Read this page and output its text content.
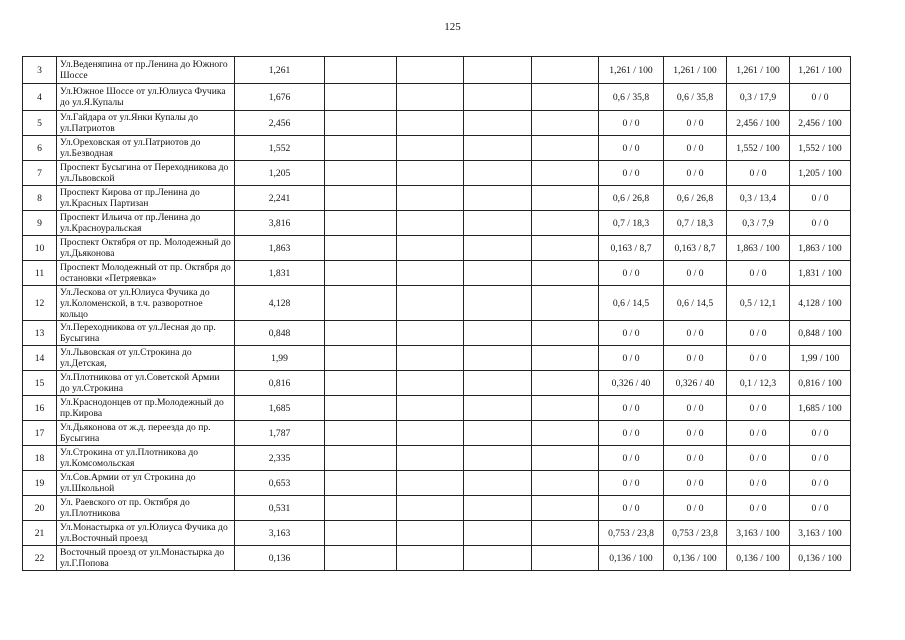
125
3	Ул.Веденяпина от пр.Ленина до Южного Шоссе	1,261					1,261 / 100	1,261 / 100	1,261 / 100	1,261 / 100
4	Ул.Южное Шоссе от ул.Юлиуса Фучика до ул.Я.Купалы	1,676					0,6 / 35,8	0,6 / 35,8	0,3 / 17,9	0 / 0
5	Ул.Гайдара от ул.Янки Купалы до ул.Патриотов	2,456					0 / 0	0 / 0	2,456 / 100	2,456 / 100
6	Ул.Ореховская от ул.Патриотов до ул.Безводная	1,552					0 / 0	0 / 0	1,552 / 100	1,552 / 100
7	Проспект Бусыгина от Переходникова до ул.Львовской	1,205					0 / 0	0 / 0	0 / 0	1,205 / 100
8	Проспект Кирова от пр.Ленина до ул.Красных Партизан	2,241					0,6 / 26,8	0,6 / 26,8	0,3 / 13,4	0 / 0
9	Проспект Ильича от пр.Ленина до ул.Красноуральская	3,816					0,7 / 18,3	0,7 / 18,3	0,3 / 7,9	0 / 0
10	Проспект Октября от пр. Молодежный до ул.Дьяконова	1,863					0,163 / 8,7	0,163 / 8,7	1,863 / 100	1,863 / 100
11	Проспект Молодежный от пр. Октября до остановки «Петряевка»	1,831					0 / 0	0 / 0	0 / 0	1,831 / 100
12	Ул.Лескова от ул.Юлиуса Фучика до ул.Коломенской, в т.ч. разворотное кольцо	4,128					0,6 / 14,5	0,6 / 14,5	0,5 / 12,1	4,128 / 100
13	Ул.Переходникова от ул.Лесная до пр. Бусыгина	0,848					0 / 0	0 / 0	0 / 0	0,848 / 100
14	Ул.Львовская от ул.Строкина до ул.Детская,	1,99					0 / 0	0 / 0	0 / 0	1,99 / 100
15	Ул.Плотникова от ул.Советской Армии до ул.Строкина	0,816					0,326 / 40	0,326 / 40	0,1 / 12,3	0,816 / 100
16	Ул.Краснодонцев от пр.Молодежный до пр.Кирова	1,685					0 / 0	0 / 0	0 / 0	1,685 / 100
17	Ул.Дьяконова от ж.д. переезда до пр. Бусыгина	1,787					0 / 0	0 / 0	0 / 0	0 / 0
18	Ул.Строкина от ул.Плотникова до ул.Комсомольская	2,335					0 / 0	0 / 0	0 / 0	0 / 0
19	Ул.Сов.Армии от ул Строкина до ул.Школьной	0,653					0 / 0	0 / 0	0 / 0	0 / 0
20	Ул. Раевского от пр. Октября до ул.Плотникова	0,531					0 / 0	0 / 0	0 / 0	0 / 0
21	Ул.Монастырка от ул.Юлиуса Фучика до ул.Восточный проезд	3,163					0,753 / 23,8	0,753 / 23,8	3,163 / 100	3,163 / 100
22	Восточный проезд от ул.Монастырка до ул.Г.Попова	0,136					0,136 / 100	0,136 / 100	0,136 / 100	0,136 / 100
